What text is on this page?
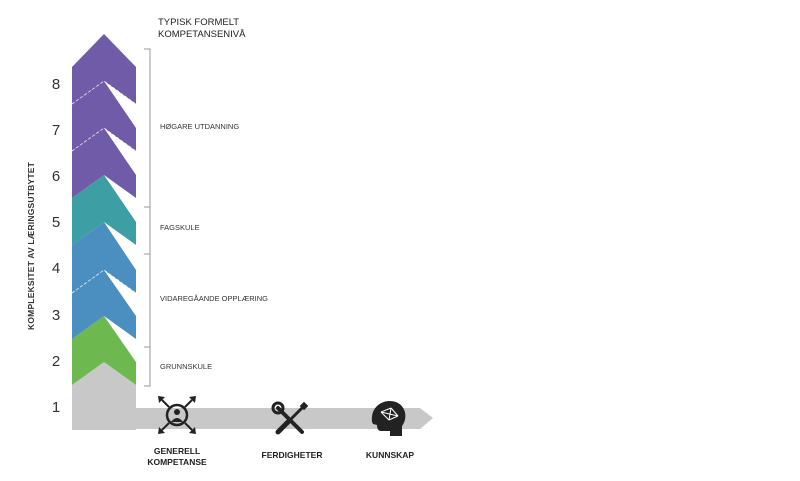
1
2
3
4
5
6
7
8
KOMPLEKSITET AV LÆRINGSUTBYTET
TYPISK FORMELT
KOMPETANSENIVÅ
HØGARE UTDANNING
FAGSKULE
VIDAREGÅANDE OPPLÆRING
GRUNNSKULE
GENERELL
KOMPETANSE
FERDIGHETER	KUNNSKAP
